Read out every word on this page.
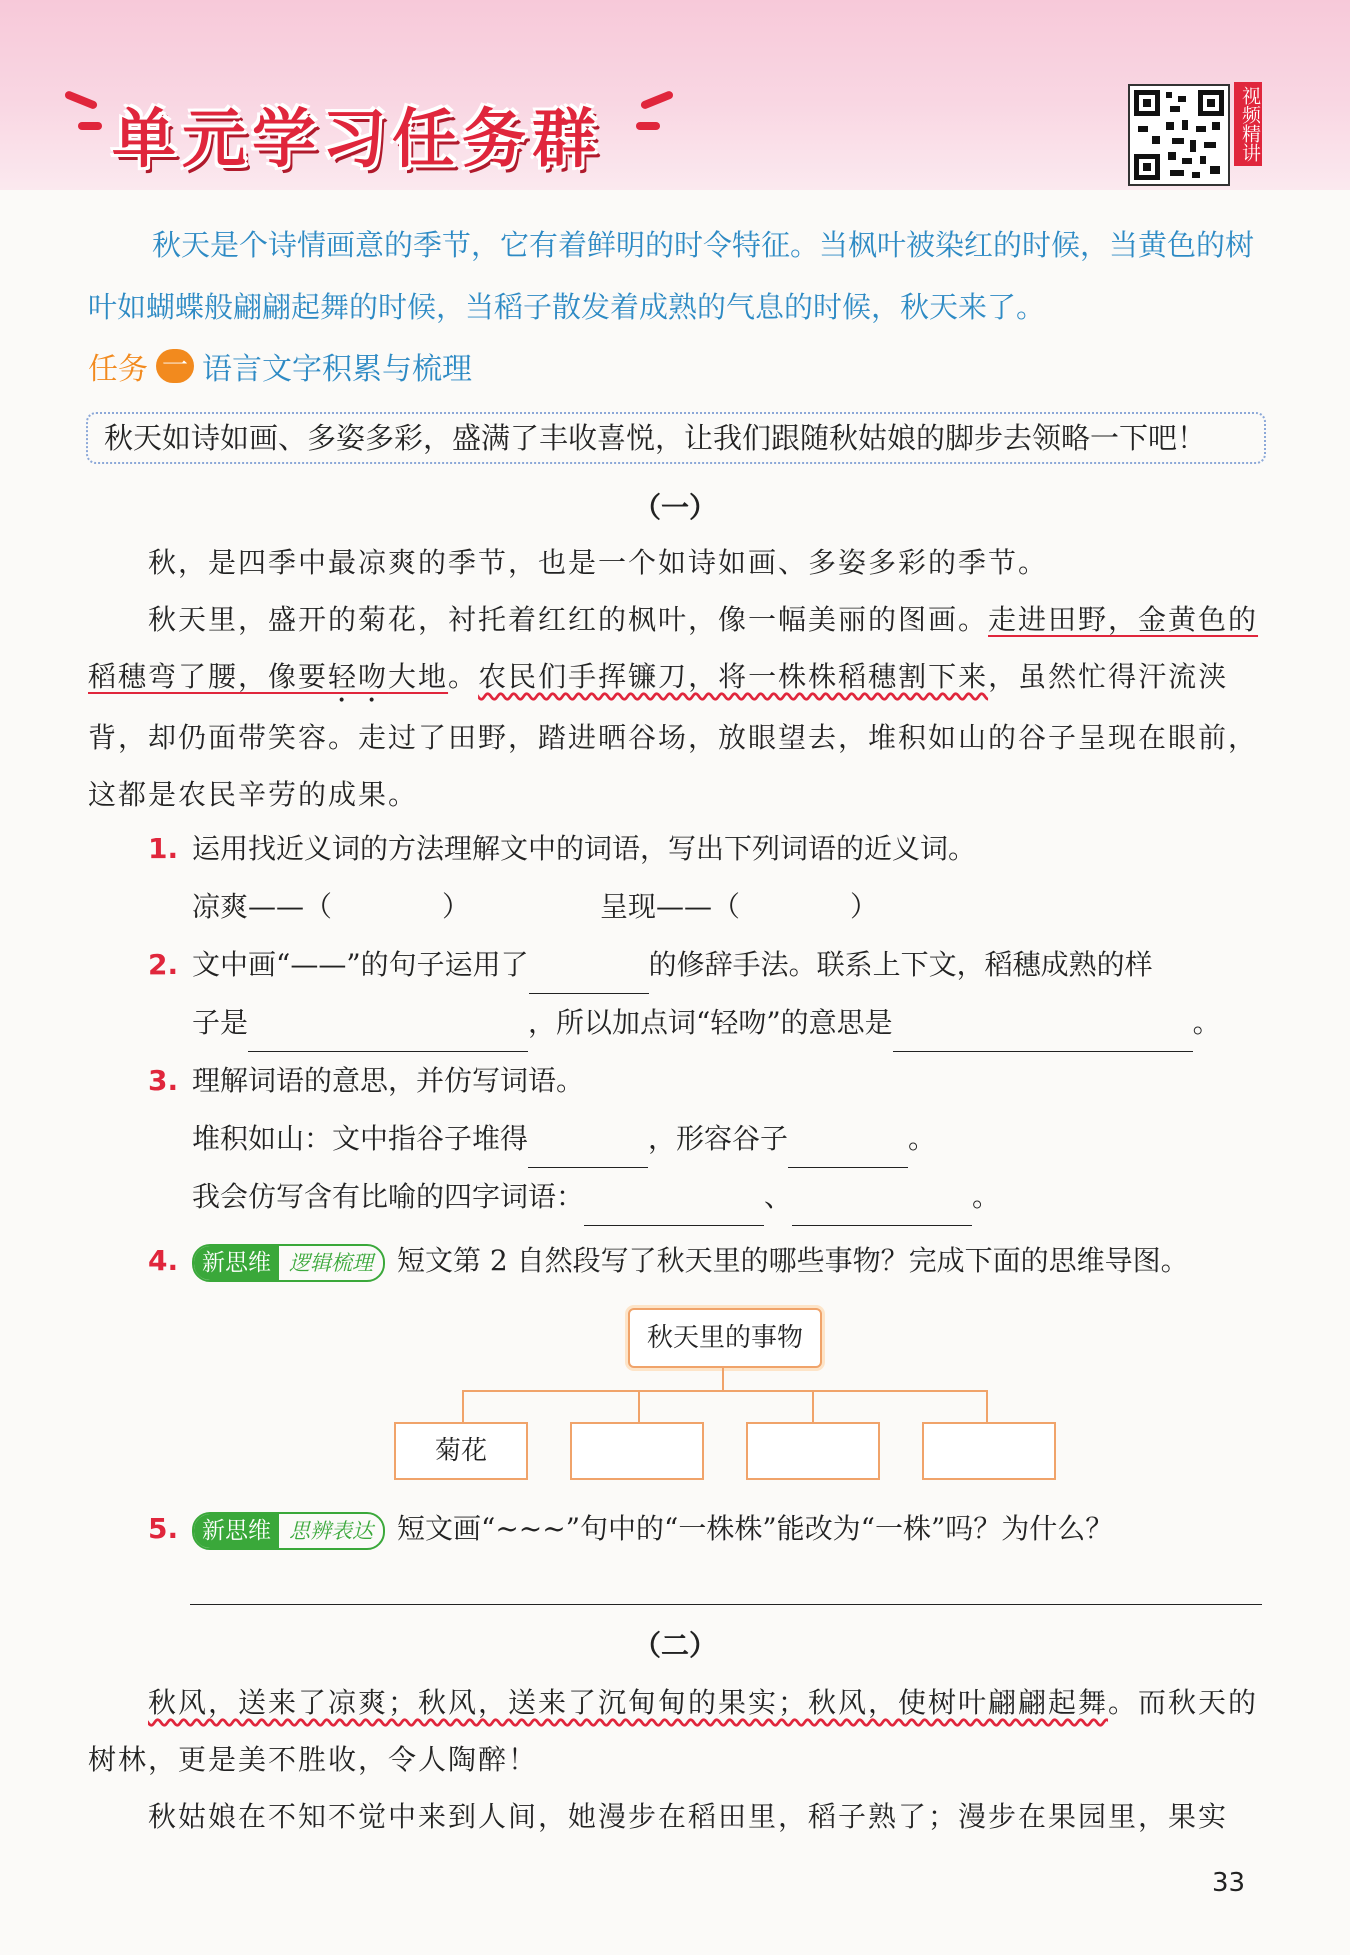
单元学习任务群	视频精讲

秋天是个诗情画意的季节，它有着鲜明的时令特征。当枫叶被染红的时候，当黄色的树叶如蝴蝶般翩翩起舞的时候，当稻子散发着成熟的气息的时候，秋天来了。

任务 一 语言文字积累与梳理
秋天如诗如画、多姿多彩，盛满了丰收喜悦，让我们跟随秋姑娘的脚步去领略一下吧！
（一）

秋，是四季中最凉爽的季节，也是一个如诗如画、多姿多彩的季节。

秋天里，盛开的菊花，衬托着红红的枫叶，像一幅美丽的图画。走进田野，金黄色的稻穗弯了腰，像要轻吻大地。农民们手挥镰刀，将一株株稻穗割下来，虽然忙得汗流浃背，却仍面带笑容。走过了田野，踏进晒谷场，放眼望去，堆积如山的谷子呈现在眼前，这都是农民辛劳的成果。

1. 运用找近义词的方法理解文中的词语，写出下列词语的近义词。
凉爽——（	）	呈现——（	）
2. 文中画“——”的句子运用了	的修辞手法。联系上下文，稻穗成熟的样
子是	，所以加点词“轻吻”的意思是	。
3. 理解词语的意思，并仿写词语。
堆积如山：文中指谷子堆得	，形容谷子	。
我会仿写含有比喻的四字词语：	、	。
4.	新思维 逻辑梳理 短文第 2 自然段写了秋天里的哪些事物？完成下面的思维导图。
秋天里的事物
菊花
5.	新思维 思辨表达 短文画“~~~”句中的“一株株”能改为“一株”吗？为什么？
（二）

秋风，送来了凉爽；秋风，送来了沉甸甸的果实；秋风，使树叶翩翩起舞。而秋天的树林，更是美不胜收，令人陶醉！

秋姑娘在不知不觉中来到人间，她漫步在稻田里，稻子熟了；漫步在果园里，果实

33
